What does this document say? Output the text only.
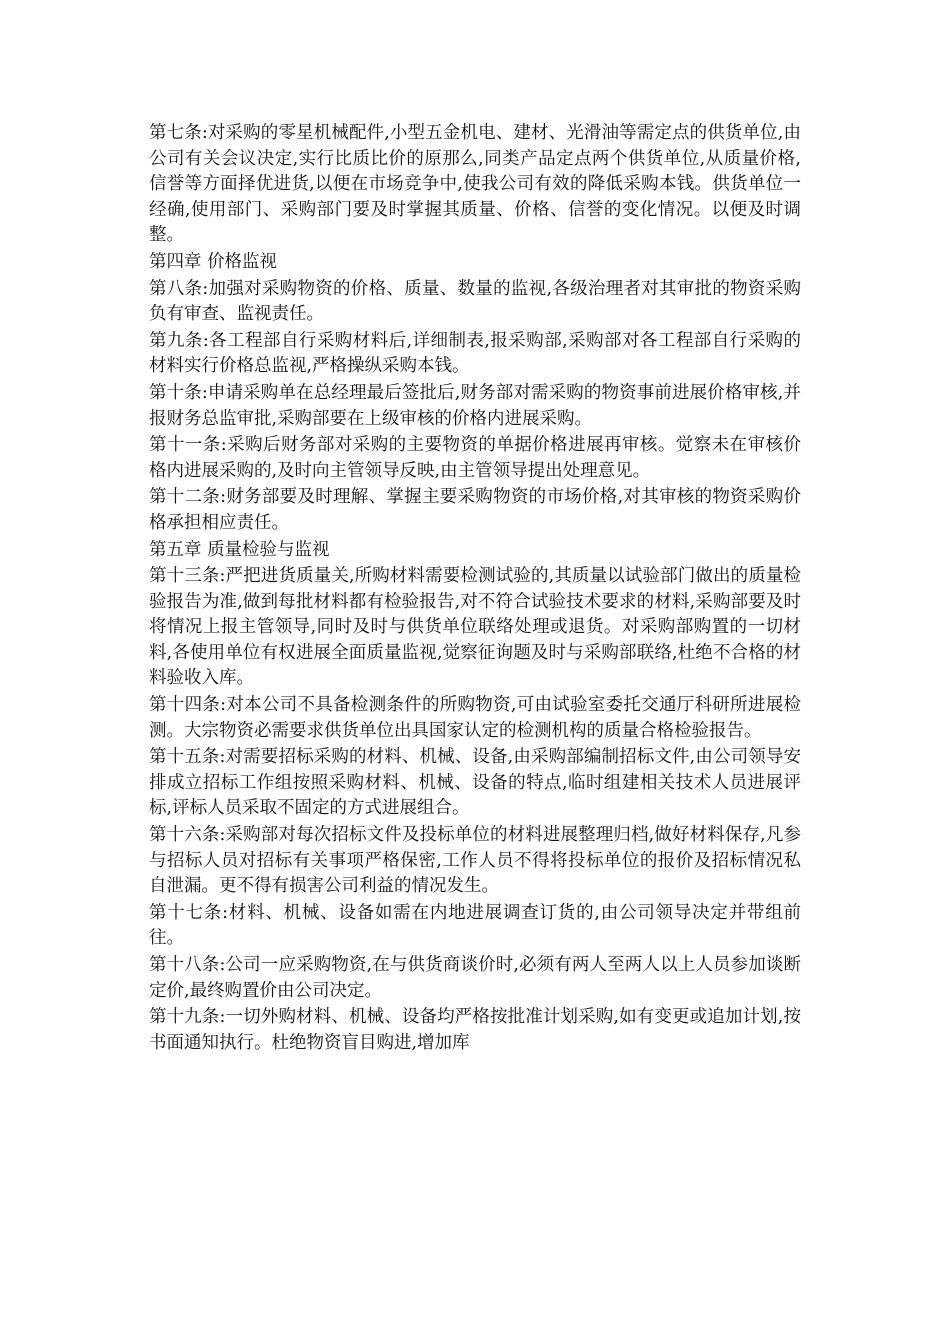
第七条:对采购的零星机械配件,小型五金机电、建材、光滑油等需定点的供货单位,由公司有关会议决定,实行比质比价的原那么,同类产品定点两个供货单位,从质量价格,信誉等方面择优进货,以便在市场竞争中,使我公司有效的降低采购本钱。供货单位一经确,使用部门、采购部门要及时掌握其质量、价格、信誉的变化情况。以便及时调整。

第四章 价格监视

第八条:加强对采购物资的价格、质量、数量的监视,各级治理者对其审批的物资采购负有审查、监视责任。

第九条:各工程部自行采购材料后,详细制表,报采购部,采购部对各工程部自行采购的材料实行价格总监视,严格操纵采购本钱。

第十条:申请采购单在总经理最后签批后,财务部对需采购的物资事前进展价格审核,并报财务总监审批,采购部要在上级审核的价格内进展采购。

第十一条:采购后财务部对采购的主要物资的单据价格进展再审核。觉察未在审核价格内进展采购的,及时向主管领导反映,由主管领导提出处理意见。

第十二条:财务部要及时理解、掌握主要采购物资的市场价格,对其审核的物资采购价格承担相应责任。

第五章 质量检验与监视

第十三条:严把进货质量关,所购材料需要检测试验的,其质量以试验部门做出的质量检验报告为准,做到每批材料都有检验报告,对不符合试验技术要求的材料,采购部要及时将情况上报主管领导,同时及时与供货单位联络处理或退货。对采购部购置的一切材料,各使用单位有权进展全面质量监视,觉察征询题及时与采购部联络,杜绝不合格的材料验收入库。

第十四条:对本公司不具备检测条件的所购物资,可由试验室委托交通厅科研所进展检测。大宗物资必需要求供货单位出具国家认定的检测机构的质量合格检验报告。

第十五条:对需要招标采购的材料、机械、设备,由采购部编制招标文件,由公司领导安排成立招标工作组按照采购材料、机械、设备的特点,临时组建相关技术人员进展评标,评标人员采取不固定的方式进展组合。

第十六条:采购部对每次招标文件及投标单位的材料进展整理归档,做好材料保存,凡参与招标人员对招标有关事项严格保密,工作人员不得将投标单位的报价及招标情况私自泄漏。更不得有损害公司利益的情况发生。

第十七条:材料、机械、设备如需在内地进展调查订货的,由公司领导决定并带组前往。

第十八条:公司一应采购物资,在与供货商谈价时,必须有两人至两人以上人员参加谈断定价,最终购置价由公司决定。

第十九条:一切外购材料、机械、设备均严格按批准计划采购,如有变更或追加计划,按书面通知执行。杜绝物资盲目购进,增加库
